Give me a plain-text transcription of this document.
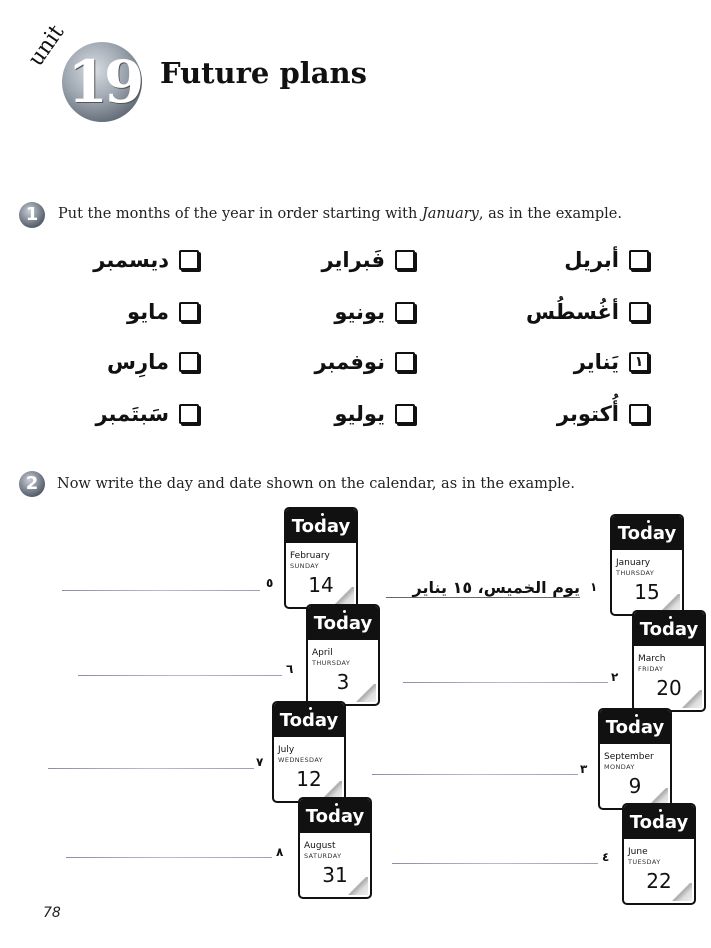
19
unit
Future plans
1	Put the months of the year in order starting with January, as in the example.
أبريل
فَبراير
ديسمبر
أغُسطُس
يونيو
مايو
١
يَناير
نوفمبر
مارِس
أُكتوبر
يوليو
سَبتَمبر
2	Now write the day and date shown on the calendar, as in the example.
Today
February
SUNDAY
14
٥
Today
January
THURSDAY
15
يوم الخميس، ١٥ يناير ١
Today
April
THURSDAY
3
٦
Today
March
FRIDAY
20
٢
Today
July
WEDNESDAY
12
٧
Today
September
MONDAY
9
٣
Today
August
SATURDAY
31
٨
Today
June
TUESDAY
22
٤
78
